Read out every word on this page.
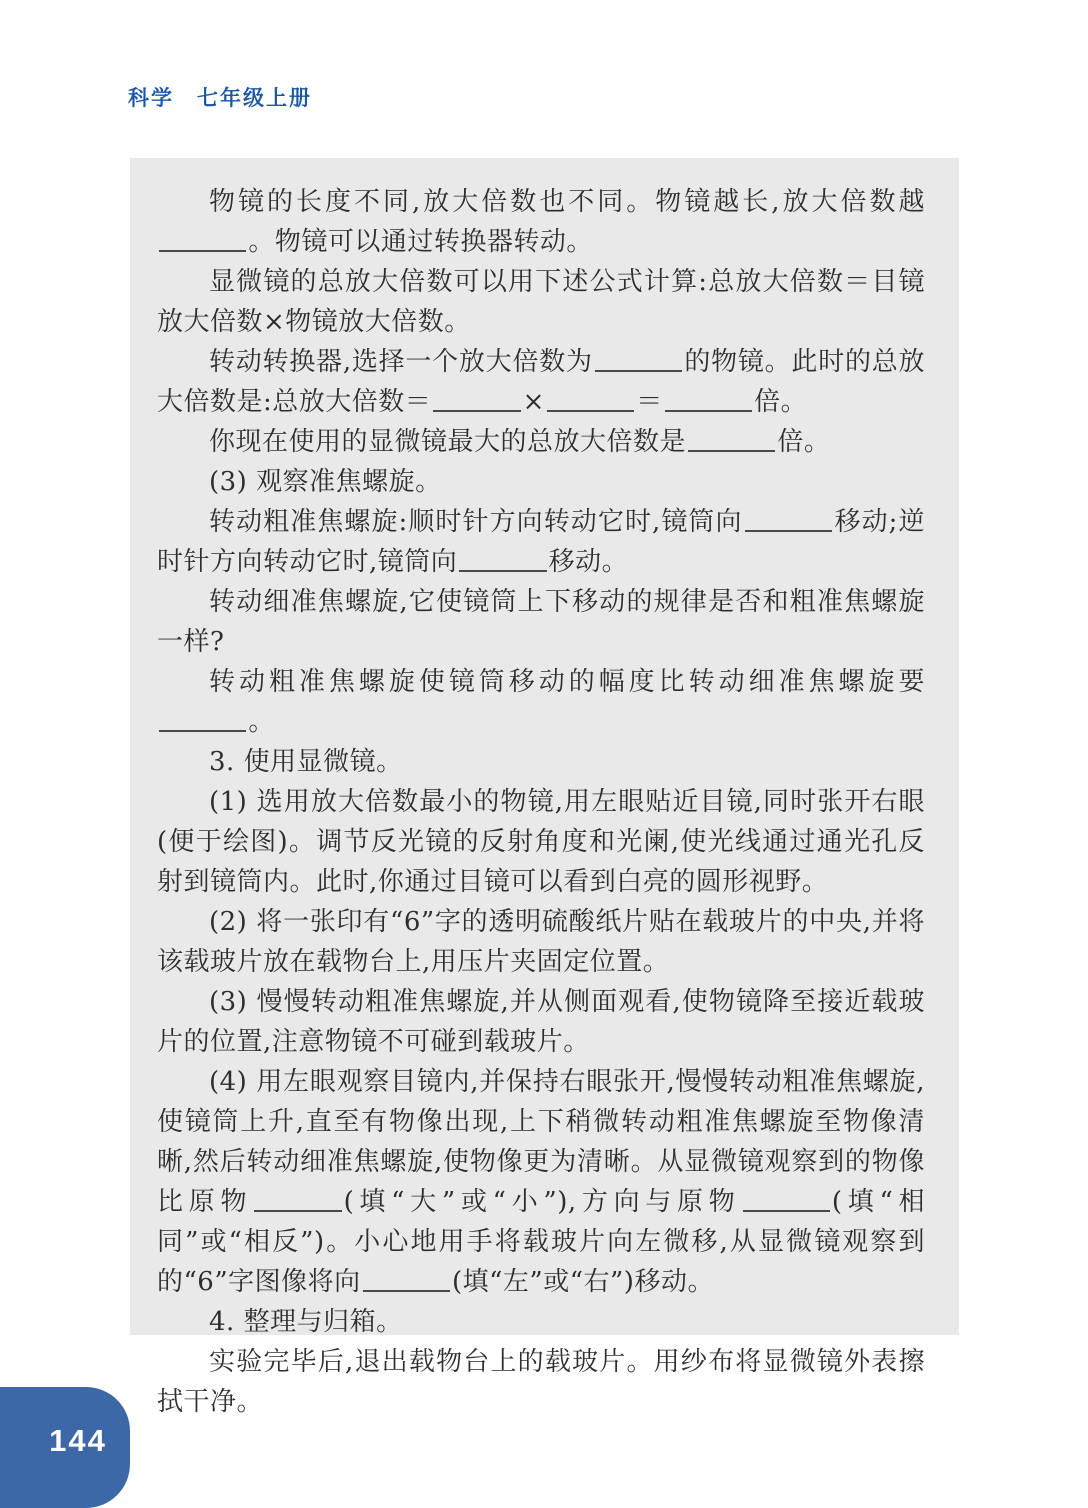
科学　七年级上册

物镜的长度不同,放大倍数也不同。物镜越长,放大倍数越。物镜可以通过转换器转动。

显微镜的总放大倍数可以用下述公式计算:总放大倍数＝目镜放大倍数×物镜放大倍数。

转动转换器,选择一个放大倍数为	的物镜。此时的总放大倍数是:总放大倍数＝	×	＝	倍。

你现在使用的显微镜最大的总放大倍数是	倍。

(3) 观察准焦螺旋。

转动粗准焦螺旋:顺时针方向转动它时,镜筒向	移动;逆时针方向转动它时,镜筒向	移动。

转动细准焦螺旋,它使镜筒上下移动的规律是否和粗准焦螺旋一样?

转动粗准焦螺旋使镜筒移动的幅度比转动细准焦螺旋要。

3. 使用显微镜。

(1) 选用放大倍数最小的物镜,用左眼贴近目镜,同时张开右眼(便于绘图)。调节反光镜的反射角度和光阑,使光线通过通光孔反射到镜筒内。此时,你通过目镜可以看到白亮的圆形视野。

(2) 将一张印有“6”字的透明硫酸纸片贴在载玻片的中央,并将该载玻片放在载物台上,用压片夹固定位置。

(3) 慢慢转动粗准焦螺旋,并从侧面观看,使物镜降至接近载玻片的位置,注意物镜不可碰到载玻片。

(4) 用左眼观察目镜内,并保持右眼张开,慢慢转动粗准焦螺旋,使镜筒上升,直至有物像出现,上下稍微转动粗准焦螺旋至物像清晰,然后转动细准焦螺旋,使物像更为清晰。从显微镜观察到的物像比原物	(填“大”或“小”),方向与原物	(填“相同”或“相反”)。小心地用手将载玻片向左微移,从显微镜观察到的“6”字图像将向	(填“左”或“右”)移动。

4. 整理与归箱。

实验完毕后,退出载物台上的载玻片。用纱布将显微镜外表擦拭干净。

144
